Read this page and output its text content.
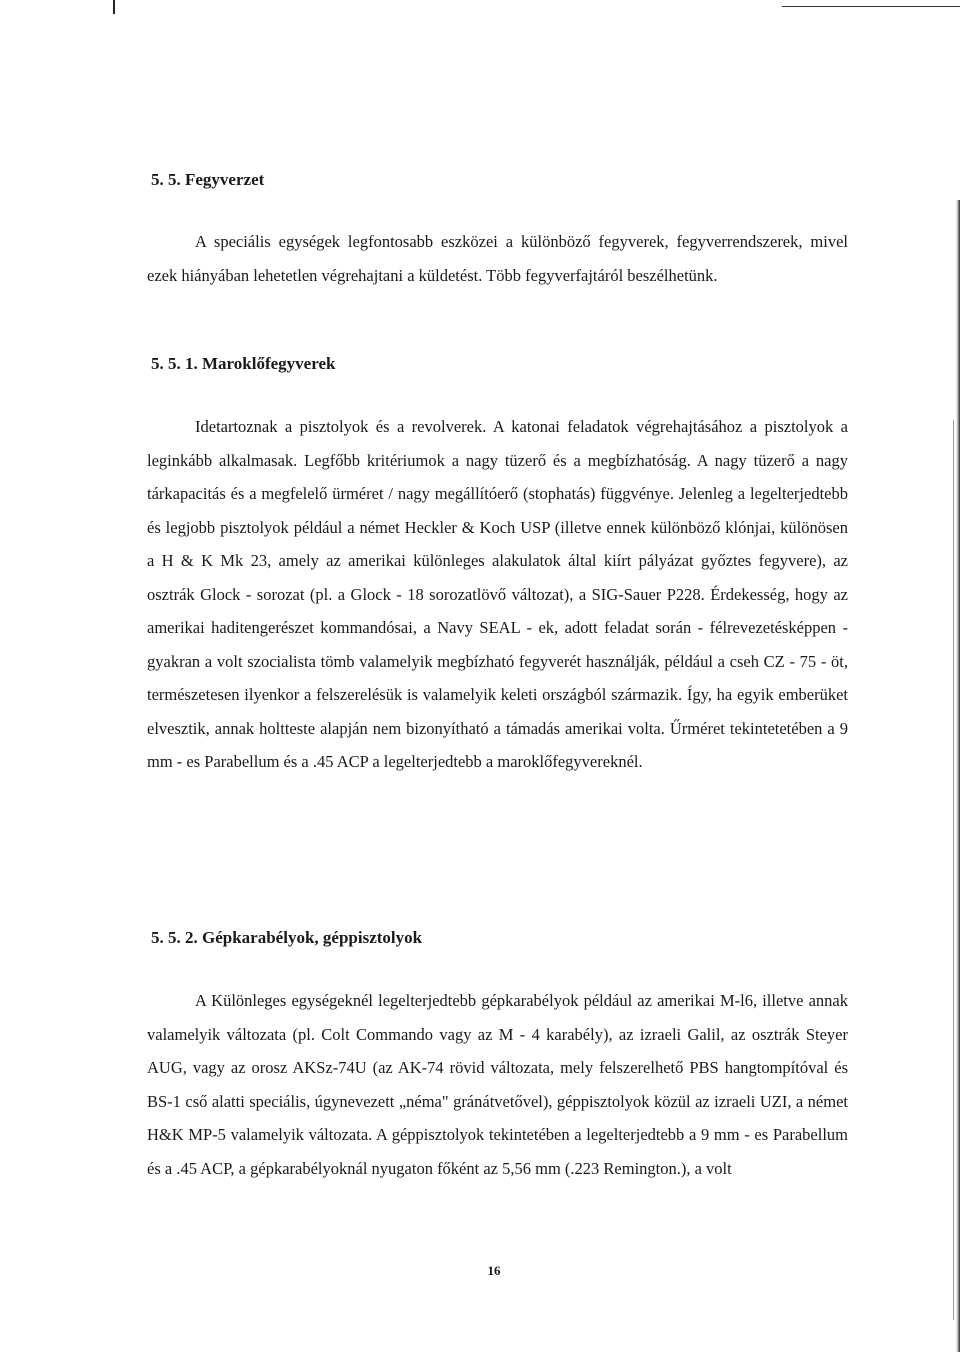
5. 5. Fegyverzet

A speciális egységek legfontosabb eszközei a különböző fegyverek, fegyverrendszerek, mivel ezek hiányában lehetetlen végrehajtani a küldetést. Több fegyverfajtáról beszélhetünk.

5. 5. 1. Maroklőfegyverek

Idetartoznak a pisztolyok és a revolverek. A katonai feladatok végrehajtásához a pisztolyok a leginkább alkalmasak. Legfőbb kritériumok a nagy tüzerő és a megbízhatóság. A nagy tüzerő a nagy tárkapacitás és a megfelelő ürméret / nagy megállítóerő (stophatás) függvénye. Jelenleg a legelterjedtebb és legjobb pisztolyok például a német Heckler & Koch USP (illetve ennek különböző klónjai, különösen a H & K Mk 23, amely az amerikai különleges alakulatok által kiírt pályázat győztes fegyvere), az osztrák Glock - sorozat (pl. a Glock - 18 sorozatlövő változat), a SIG-Sauer P228. Érdekesség, hogy az amerikai haditengerészet kommandósai, a Navy SEAL - ek, adott feladat során - félrevezetésképpen - gyakran a volt szocialista tömb valamelyik megbízható fegyverét használják, például a cseh CZ - 75 - öt, természetesen ilyenkor a felszerelésük is valamelyik keleti országból származik. Így, ha egyik emberüket elvesztik, annak holtteste alapján nem bizonyítható a támadás amerikai volta. Űrméret tekintetetében a 9 mm - es Parabellum és a .45 ACP a legelterjedtebb a maroklőfegyvereknél.

5. 5. 2. Gépkarabélyok, géppisztolyok

A Különleges egységeknél legelterjedtebb gépkarabélyok például az amerikai M-l6, illetve annak valamelyik változata (pl. Colt Commando vagy az M - 4 karabély), az izraeli Galil, az osztrák Steyer AUG, vagy az orosz AKSz-74U (az AK-74 rövid változata, mely felszerelhető PBS hangtompítóval és BS-1 cső alatti speciális, úgynevezett „néma" gránátvetővel), géppisztolyok közül az izraeli UZI, a német H&K MP-5 valamelyik változata. A géppisztolyok tekintetében a legelterjedtebb a 9 mm - es Parabellum és a .45 ACP, a gépkarabélyoknál nyugaton főként az 5,56 mm (.223 Remington.), a volt

16
